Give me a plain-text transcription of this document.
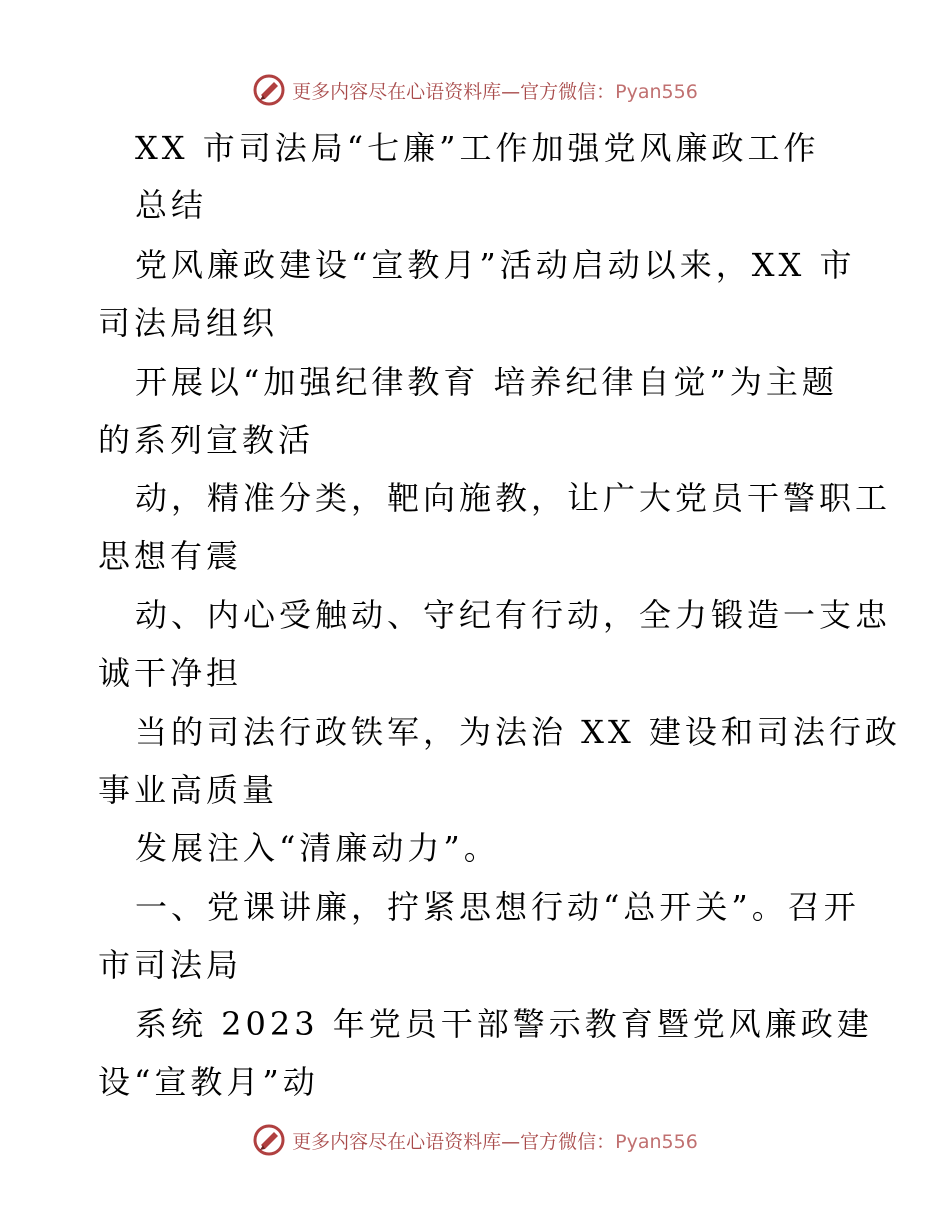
更多内容尽在心语资料库—官方微信：Pyan556
XX 市司法局“七廉”工作加强党风廉政工作
总结
党风廉政建设“宣教月”活动启动以来，XX 市
司法局组织
开展以“加强纪律教育 培养纪律自觉”为主题
的系列宣教活
动，精准分类，靶向施教，让广大党员干警职工
思想有震
动、内心受触动、守纪有行动，全力锻造一支忠
诚干净担
当的司法行政铁军，为法治 XX 建设和司法行政
事业高质量
发展注入“清廉动力”。
一、党课讲廉，拧紧思想行动“总开关”。召开
市司法局
系统 2023 年党员干部警示教育暨党风廉政建
设“宣教月”动
更多内容尽在心语资料库—官方微信：Pyan556
